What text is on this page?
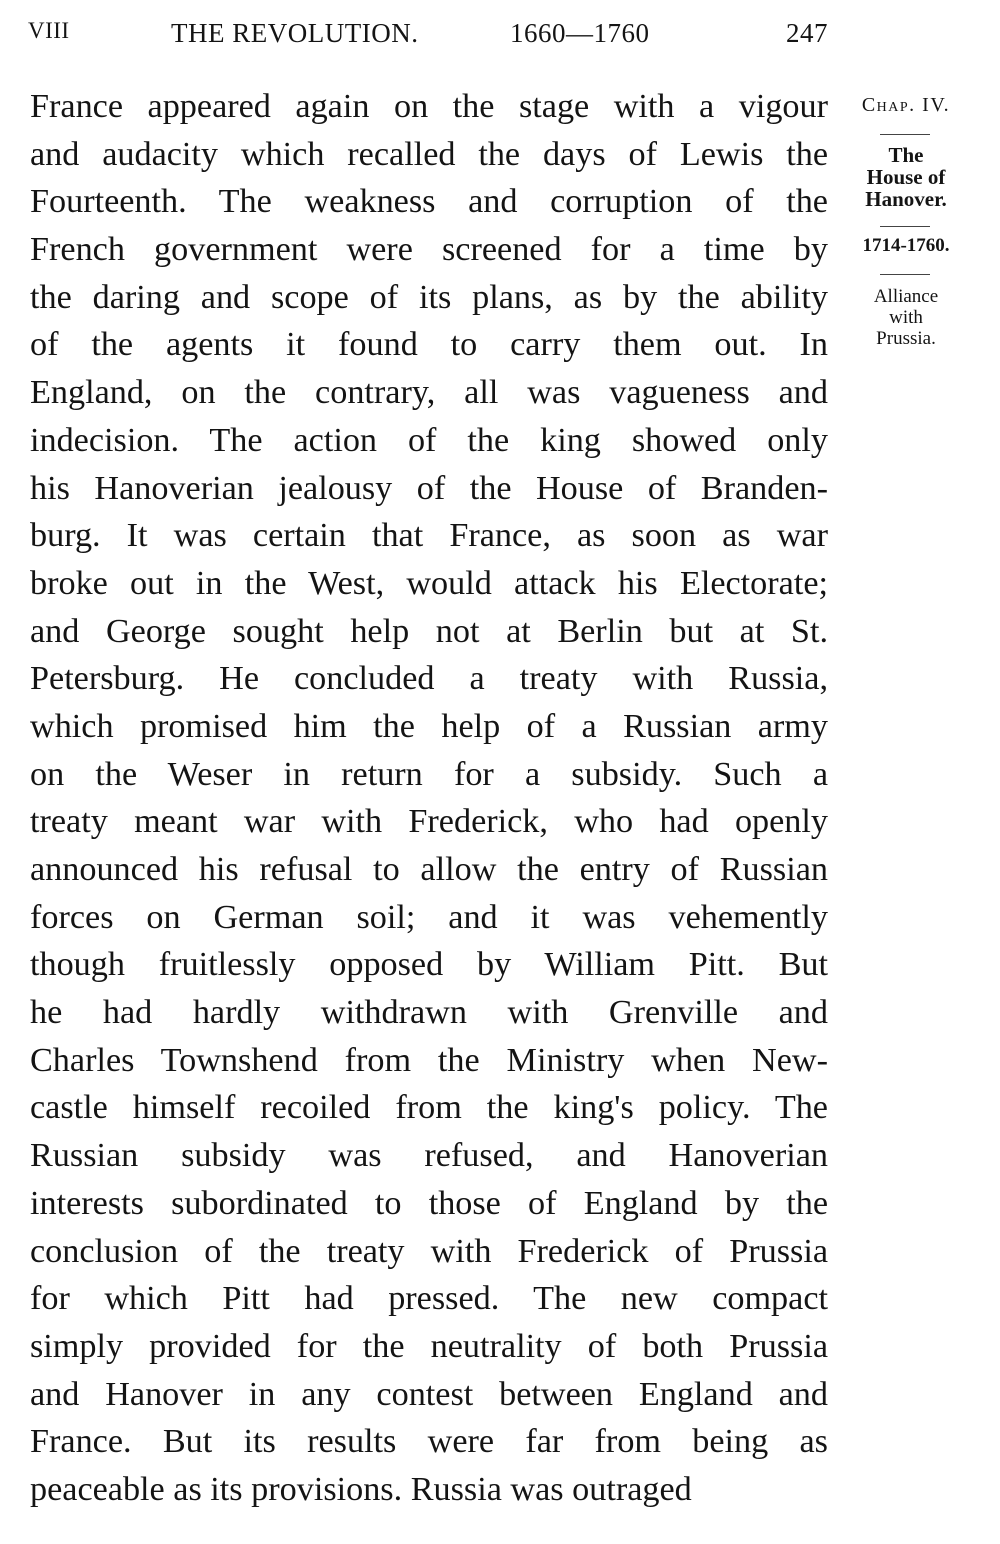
VIII	THE REVOLUTION.	1660—1760	247
France appeared again on the stage with a vigour
and audacity which recalled the days of Lewis the
Fourteenth. The weakness and corruption of the
French government were screened for a time by
the daring and scope of its plans, as by the ability
of the agents it found to carry them out. In
England, on the contrary, all was vagueness and
indecision. The action of the king showed only
his Hanoverian jealousy of the House of Branden-
burg. It was certain that France, as soon as war
broke out in the West, would attack his Electorate;
and George sought help not at Berlin but at St.
Petersburg. He concluded a treaty with Russia,
which promised him the help of a Russian army
on the Weser in return for a subsidy. Such a
treaty meant war with Frederick, who had openly
announced his refusal to allow the entry of Russian
forces on German soil; and it was vehemently
though fruitlessly opposed by William Pitt. But
he had hardly withdrawn with Grenville and
Charles Townshend from the Ministry when New-
castle himself recoiled from the king's policy. The
Russian subsidy was refused, and Hanoverian
interests subordinated to those of England by the
conclusion of the treaty with Frederick of Prussia
for which Pitt had pressed. The new compact
simply provided for the neutrality of both Prussia
and Hanover in any contest between England and
France. But its results were far from being as
peaceable as its provisions. Russia was outraged
Chap. IV.
The
House of
Hanover.
1714-1760.
Alliance
with
Prussia.
